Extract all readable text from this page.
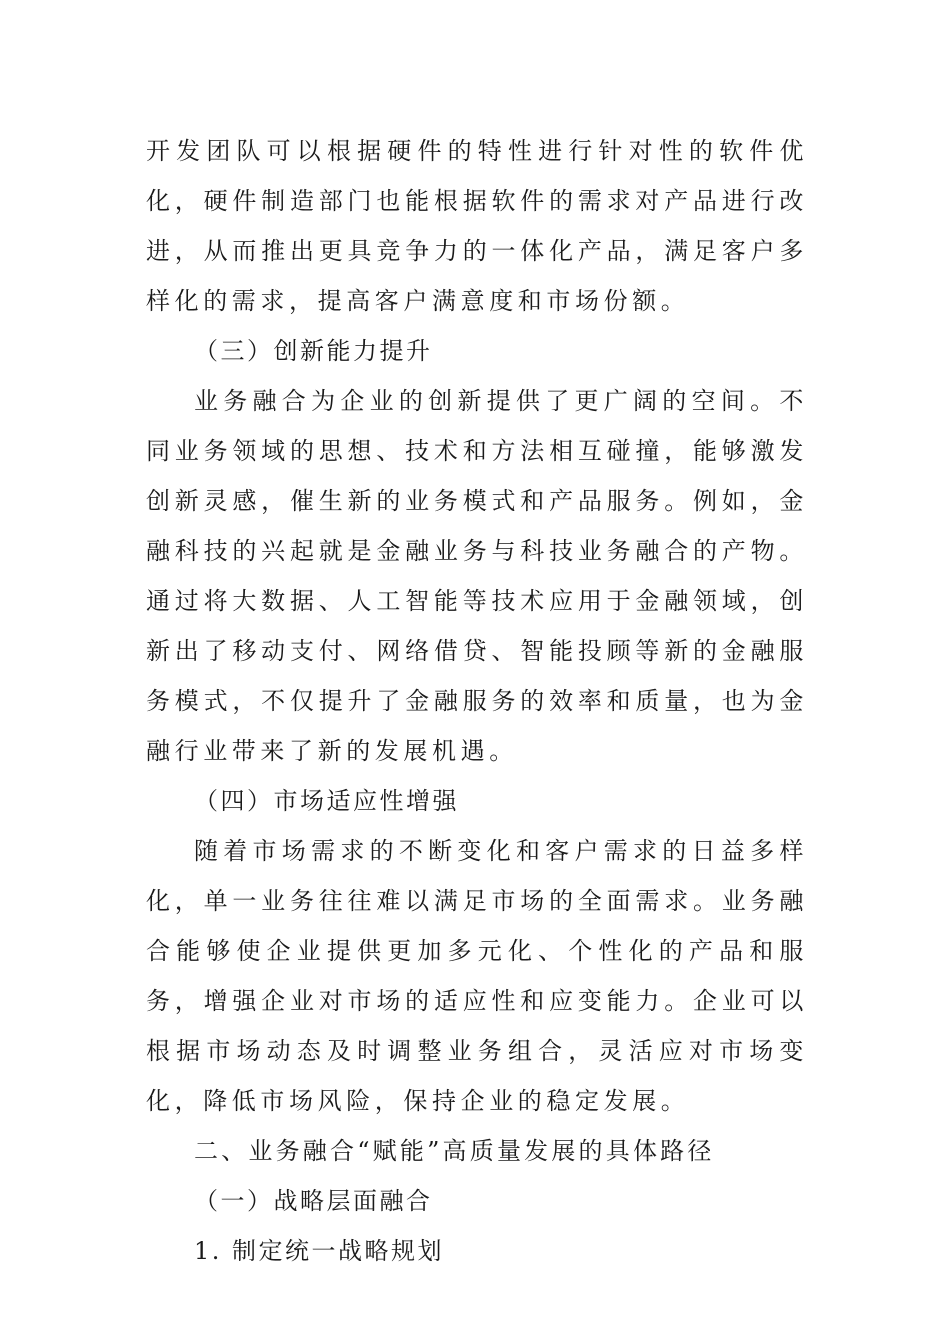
开发团队可以根据硬件的特性进行针对性的软件优化，硬件制造部门也能根据软件的需求对产品进行改进，从而推出更具竞争力的一体化产品，满足客户多样化的需求，提高客户满意度和市场份额。

（三）创新能力提升

业务融合为企业的创新提供了更广阔的空间。不同业务领域的思想、技术和方法相互碰撞，能够激发创新灵感，催生新的业务模式和产品服务。例如，金融科技的兴起就是金融业务与科技业务融合的产物。通过将大数据、人工智能等技术应用于金融领域，创新出了移动支付、网络借贷、智能投顾等新的金融服务模式，不仅提升了金融服务的效率和质量，也为金融行业带来了新的发展机遇。

（四）市场适应性增强

随着市场需求的不断变化和客户需求的日益多样化，单一业务往往难以满足市场的全面需求。业务融合能够使企业提供更加多元化、个性化的产品和服务，增强企业对市场的适应性和应变能力。企业可以根据市场动态及时调整业务组合，灵活应对市场变化，降低市场风险，保持企业的稳定发展。

二、业务融合“赋能”高质量发展的具体路径

（一）战略层面融合

1. 制定统一战略规划
